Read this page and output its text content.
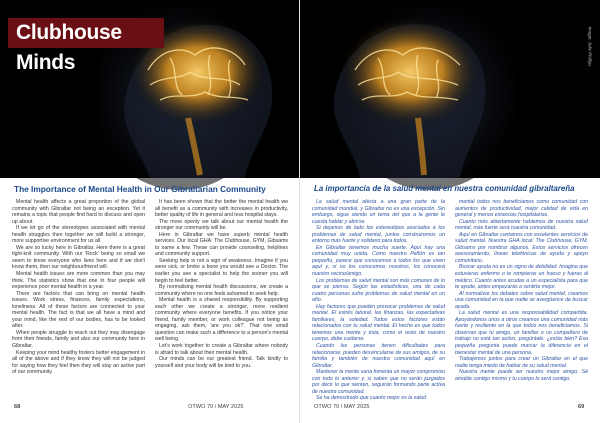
Clubhouse Minds
The Importance of Mental Health in Our Gibraltarian Community

Mental health affects a great proportion of the global community with Gibraltar not being an exception. Yet it remains a topic that people find hard to discuss and open up about.

If we let go of the stereotypes associated with mental health struggles then together we will build a stronger, more supportive environment for us all.

We are so lucky here in Gibraltar. Here there is a great tight-knit community. With our 'Rock' being so small we seem to know everyone who lives here and if we don't know them, then our neighbour/friend will.

Mental health issues are more common than you may think. The statistics show that one in four people will experience poor mental health in a year.

There are factors that can bring on mental health issues. Work stress, finances, family expectations, loneliness. All of these factors are connected to your mental health. The fact is that we all have a mind and your mind, like the rest of our bodies, has to be looked after.

When people struggle to reach out they may disengage from their friends, family and also our community here in Gibraltar.

Keeping your mind healthy fosters better engagement in all of the above and if they know they will not be judged for saying how they feel then they will stay an active part of our community.

It has been shown that the better the mental health we all benefit as a community with increases in productivity, better quality of life in general and less hospital stays.

The more openly we talk about our mental health the stronger our community will be.

Here in Gibraltar we have superb mental health services. Our local GHA: The Clubhouse, GYM, Gibsams to name a few. These can provide counseling, helplines and community support.

Seeking help is not a sign of weakness. Imagine if you were sick, or broke a bone you would see a Doctor. The earlier you see a specialist to help the sooner you will begin to feel better.

By normalising mental health discussions, we create a community where no one feels ashamed to seek help.

Mental health is a shared responsibility. By supporting each other we create a stronger, more resilient community where everyone benefits. If you notice your friend, family member, or work colleague not being as engaging, ask them, 'are you ok?'. That one small question can make such a difference to a person's mental well being.

Let's work together to create a Gibraltar where nobody is afraid to talk about their mental health.

Our minds can be our greatest friend. Talk kindly to yourself and your body will be kind to you.

68	OTWO 70 / MAY 2025
Image: Julie Phillips
La importancia de la salud mental en nuestra comunidad gibraltareña

La salud mental afecta a una gran parte de la comunidad mundial, y Gibraltar no es una excepción. Sin embargo, sigue siendo un tema del que a la gente le cuesta hablar y abrirse.

Si dejamos de lado los estereotipos asociados a los problemas de salud mental, juntos construiremos un entorno más fuerte y solidario para todos.

En Gibraltar tenemos mucha suerte. Aquí hay una comunidad muy unida. Como nuestro Peñón es tan pequeño, parece que conocemos a todos los que viven aquí y, si no los conocemos nosotros, los conocerá nuestro vecino/amigo.

Los problemas de salud mental son más comunes de lo que se piensa. Según las estadísticas, una de cada cuatro personas sufre problemas de salud mental en un año.

Hay factores que pueden provocar problemas de salud mental. El estrés laboral, las finanzas, las expectativas familiares, la soledad. Todos estos factores están relacionados con tu salud mental. El hecho es que todos tenemos una mente y ésta, como el resto de nuestro cuerpo, debe cuidarse.

Cuando las personas tienen dificultades para relacionarse, pueden desvincularse de sus amigos, de su familia y también de nuestra comunidad aquí en Gibraltar.

Mantener la mente sana fomenta un mayor compromiso con todo lo anterior y, si saben que no serán juzgados por decir lo que sienten, seguirán formando parte activa de nuestra comunidad.

Se ha demostrado que cuanto mejor es la salud

mental todos nos beneficiamos como comunidad con aumentos de productividad, mejor calidad de vida en general y menos estancias hospitalarias.

Cuanto más abiertamente hablemos de nuestra salud mental, más fuerte será nuestra comunidad.

Aquí en Gibraltar contamos con excelentes servicios de salud mental. Nuestra GHA local: The Clubhouse, GYM, Gibsams por nombrar algunos. Estos servicios ofrecen asesoramiento, líneas telefónicas de ayuda y apoyo comunitario.

Buscar ayuda no es un signo de debilidad. Imagina que estuvieras enfermo o te rompieras un hueso y fueras al médico. Cuanto antes acudas a un especialista para que te ayude, antes empezarás a sentirte mejor.

Al normalizar los debates sobre salud mental, creamos una comunidad en la que nadie se avergüence de buscar ayuda.

La salud mental es una responsabilidad compartida. Apoyándonos unos a otros creamos una comunidad más fuerte y resiliente en la que todos nos beneficiamos. Si observas que tu amigo, un familiar o un compañero de trabajo no está tan activo, pregúntale: ¿estás bien? Esa pequeña pregunta puede marcar la diferencia en el bienestar mental de una persona.

Trabajemos juntos para crear un Gibraltar en el que nadie tenga miedo de hablar de su salud mental.

Nuestra mente puede ser nuestro mejor amigo. Sé amable contigo mismo y tu cuerpo lo será contigo.

OTWO 70 / MAY 2025	69
